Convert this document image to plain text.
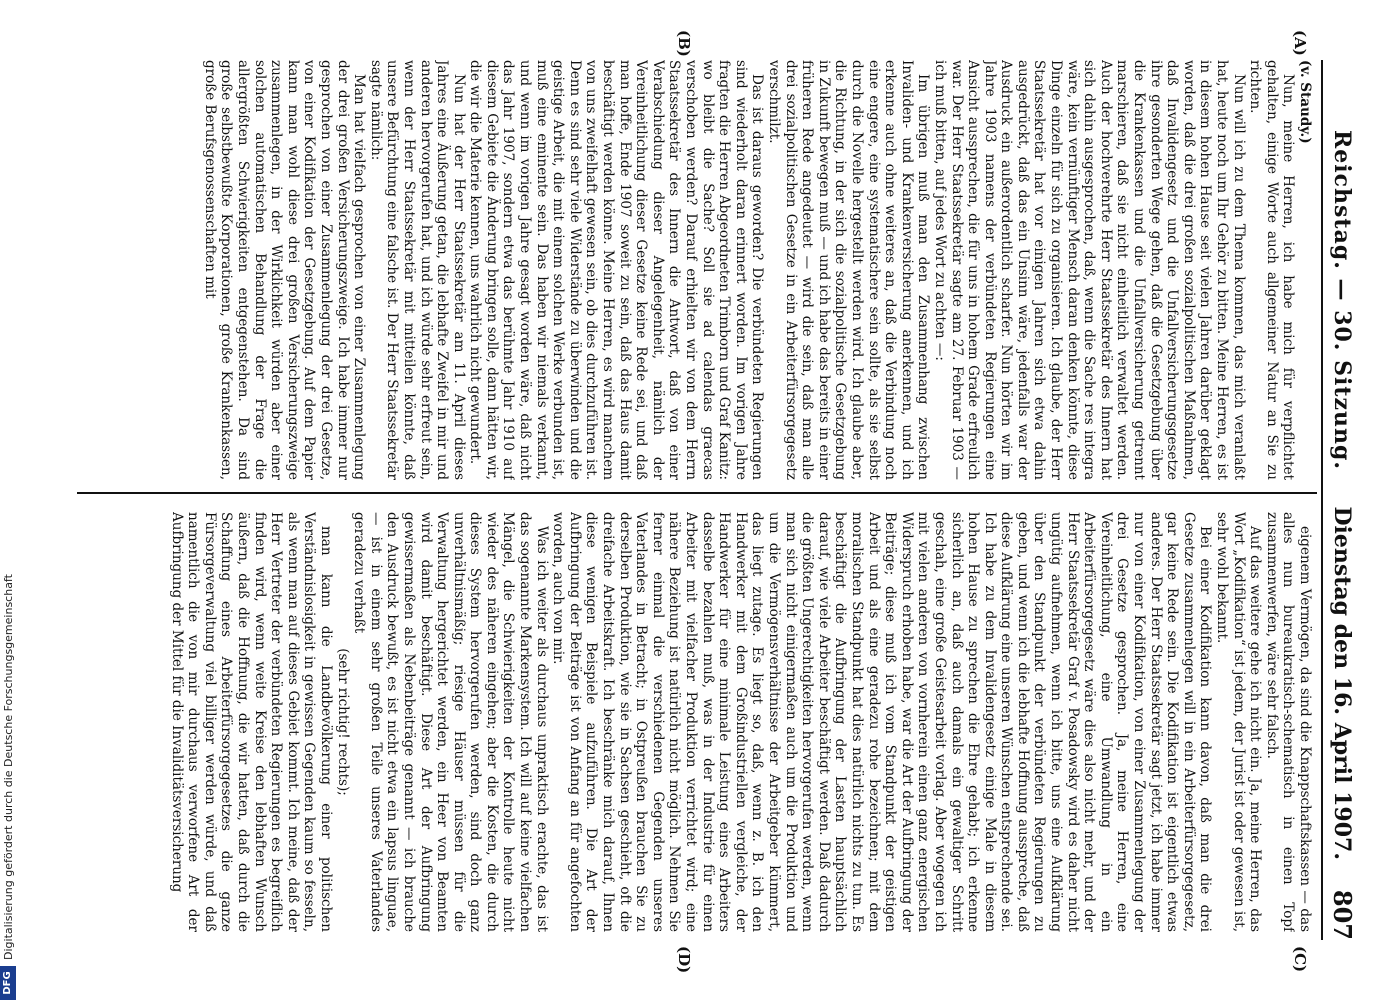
Reichstag. — 30. Sitzung.
Dienstag den 16. April 1907.
807
(A)
(B)
(C)
(D)

(v. Staudy.)

Nun, meine Herren, ich habe mich für verpflichtet gehalten, einige Worte auch allgemeiner Natur an Sie zu richten.

Nun will ich zu dem Thema kommen, das mich veranlaßt hat, heute noch um Ihr Gehör zu bitten. Meine Herren, es ist in diesem hohen Hause seit vielen Jahren darüber geklagt worden, daß die drei großen sozialpolitischen Maßnahmen, daß Invalidengesetz und die Unfallversicherungsgesetze ihre gesonderten Wege gehen, daß die Gesetzgebung über die Krankenkassen und die Unfallversicherung getrennt marschieren, daß sie nicht einheitlich verwaltet werden. Auch der hochverehrte Herr Staatssekretär des Innern hat sich dahin ausgesprochen, daß, wenn die Sache res integra wäre, kein vernünftiger Mensch daran denken könnte, diese Dinge einzeln für sich zu organisieren. Ich glaube, der Herr Staatssekretär hat vor einigen Jahren sich etwa dahin ausgedrückt, daß das ein Unsinn wäre, jedenfalls war der Ausdruck ein außerordentlich scharfer. Nun hörten wir im Jahre 1903 namens der verbündeten Regierungen eine Ansicht aussprechen, die für uns in hohem Grade erfreulich war. Der Herr Staatssekretär sagte am 27. Februar 1903 — ich muß bitten, auf jedes Wort zu achten —:

Im übrigen muß man den Zusammenhang zwischen Invaliden- und Krankenversicherung anerkennen, und ich erkenne auch ohne weiteres an, daß die Verbindung noch eine engere, eine systematischere sein sollte, als sie selbst durch die Novelle hergestellt werden wird. Ich glaube aber, die Richtung, in der sich die sozialpolitische Gesetzgebung in Zukunft bewegen muß — und ich habe das bereits in einer früheren Rede angedeutet — wird die sein, daß man alle drei sozialpolitischen Gesetze in ein Arbeiterfürsorgegesetz verschmilzt.

Das ist daraus geworden? Die verbündeten Regierungen sind wiederholt daran erinnert worden. Im vorigen Jahre fragten die Herren Abgeordneten Trimborn und Graf Kanitz: wo bleibt die Sache? Soll sie ad calendas graecas verschoben werden? Darauf erhielten wir von dem Herrn Staatssekretär des Innern die Antwort, daß von einer Verabschiedung dieser Angelegenheit, nämlich der Vereinheitlichung dieser Gesetze keine Rede sei, und daß man hoffe, Ende 1907 soweit zu sein, daß das Haus damit beschäftigt werden könne. Meine Herren, es wird manchem von uns zweifelhaft gewesen sein, ob dies durchzuführen ist. Denn es sind sehr viele Widerstände zu überwinden und die geistige Arbeit, die mit einem solchen Werke verbunden ist, muß eine eminente sein. Das haben wir niemals verkannt, und wenn im vorigen Jahre gesagt worden wäre, daß nicht das Jahr 1907, sondern etwa das berühmte Jahr 1910 auf diesem Gebiete die Änderung bringen solle, dann hätten wir, die wir die Materie kennen, uns wahrlich nicht gewundert.

Nun hat der Herr Staatssekretär am 11. April dieses Jahres eine Äußerung getan, die lebhafte Zweifel in mir und anderen hervorgerufen hat, und ich würde sehr erfreut sein, wenn der Herr Staatssekretär mit mitteilen könnte, daß unsere Befürchtung eine falsche ist. Der Herr Staatssekretär sagte nämlich:

Man hat vielfach gesprochen von einer Zusammenlegung der drei großen Versicherungszweige. Ich habe immer nur gesprochen von einer Zusammenlegung der drei Gesetze, von einer Kodifikation der Gesetzgebung. Auf dem Papier kann man wohl diese drei großen Versicherungszweige zusammenlegen, in der Wirklichkeit würden aber einer solchen automatischen Behandlung der Frage die allergrößten Schwierigkeiten entgegenstehen. Da sind große selbstbewußte Korporationen, große Krankenkassen, große Berufsgenossenschaften mit

eigenem Vermögen, da sind die Knappschaftskassen — das alles nun bureaukratisch-schematisch in einen Topf zusammenwerfen, wäre sehr falsch.

Auf das weitere gehe ich nicht ein. Ja, meine Herren, das Wort „Kodifikation“ ist jedem, der Jurist ist oder gewesen ist, sehr wohl bekannt.

Bei einer Kodifikation kann davon, daß man die drei Gesetze zusammenlegen will in ein Arbeiterfürsorgegesetz, gar keine Rede sein. Die Kodifikation ist eigentlich etwas anderes. Der Herr Staatssekretär sagt jetzt, ich habe immer nur von einer Kodifikation, von einer Zusammenlegung der drei Gesetze gesprochen. Ja, meine Herren, eine Vereinheitlichung, eine Umwandlung in ein Arbeiterfürsorgegesetz wäre dies also nicht mehr, und der Herr Staatssekretär Graf v. Posadowsky wird es daher nicht ungütig aufnehmen, wenn ich bitte, uns eine Aufklärung über den Standpunkt der verbündeten Regierungen zu geben, und wenn ich die lebhafte Hoffnung ausspreche, daß diese Aufklärung eine unseren Wünschen entsprechende sei. Ich habe zu dem Invalidengesetz einige Male in diesem hohen Hause zu sprechen die Ehre gehabt; ich erkenne sicherlich an, daß auch damals ein gewaltiger Schritt geschah, eine große Geistesarbeit vorlag. Aber wogegen ich mit vielen anderen von vornherein einen ganz energischen Widerspruch erhoben habe, war die Art der Aufbringung der Beiträge; diese muß ich vom Standpunkt der geistigen Arbeit und als eine geradezu rohe bezeichnen; mit dem moralischen Standpunkt hat dies natürlich nichts zu tun. Es beschäftigt die Aufbringung der Lasten hauptsächlich darauf, wie viele Arbeiter beschäftigt werden. Daß dadurch die größten Ungerechtigkeiten hervorgerufen werden, wenn man sich nicht einigermaßen auch um die Produktion und um die Vermögensverhältnisse der Arbeitgeber kümmert, das liegt zutage. Es liegt so, daß, wenn z. B. ich den Handwerker mit dem Großindustriellen vergleiche, der Handwerker für eine minimale Leistung eines Arbeiters dasselbe bezahlen muß, was in der Industrie für einen Arbeiter mit vielfacher Produktion verrichtet wird; eine nähere Beziehung ist natürlich nicht möglich. Nehmen Sie ferner einmal die verschiedenen Gegenden unseres Vaterlandes in Betracht; in Ostpreußen brauchen Sie zu derselben Produktion, wie sie in Sachsen geschieht, oft die dreifache Arbeitskraft. Ich beschränke mich darauf, Ihnen diese wenigen Beispiele aufzuführen. Die Art der Aufbringung der Beiträge ist von Anfang an für angefochten worden, auch von mir.

Was ich weiter als durchaus unpraktisch erachte, das ist das sogenannte Markensystem. Ich will auf keine vielfachen Mängel, die Schwierigkeiten der Kontrolle heute nicht wieder des näheren eingehen; aber die Kosten, die durch dieses System hervorgerufen werden, sind doch ganz unverhältnismäßig; riesige Häuser müssen für die Verwaltung hergerichtet werden, ein Heer von Beamten wird damit beschäftigt. Diese Art der Aufbringung gewissermaßen als Nebenbeiträge genannt — ich brauche den Ausdruck bewußt, es ist nicht etwa ein lapsus linguae, — ist in einem sehr großen Teile unseres Vaterlandes geradezu verhaßt

(sehr richtig! rechts);

man kann die Landbevölkerung einer politischen Verständnislosigkeit in gewissen Gegenden kaum so fesseln, als wenn man auf dieses Gebiet kommt. Ich meine, daß der Herr Vertreter der verbündeten Regierungen es begreiflich finden wird, wenn weite Kreise den lebhaften Wunsch äußern, daß die Hoffnung, die wir hatten, daß durch die Schaffung eines Arbeiterfürsorgegesetzes die ganze Fürsorgeverwaltung viel billiger werden würde, und daß namentlich die von mir durchaus verworfene Art der Aufbringung der Mittel für die Invaliditätsversicherung

DFG
Digitalisierung gefördert durch die Deutsche Forschungsgemeinschaft
